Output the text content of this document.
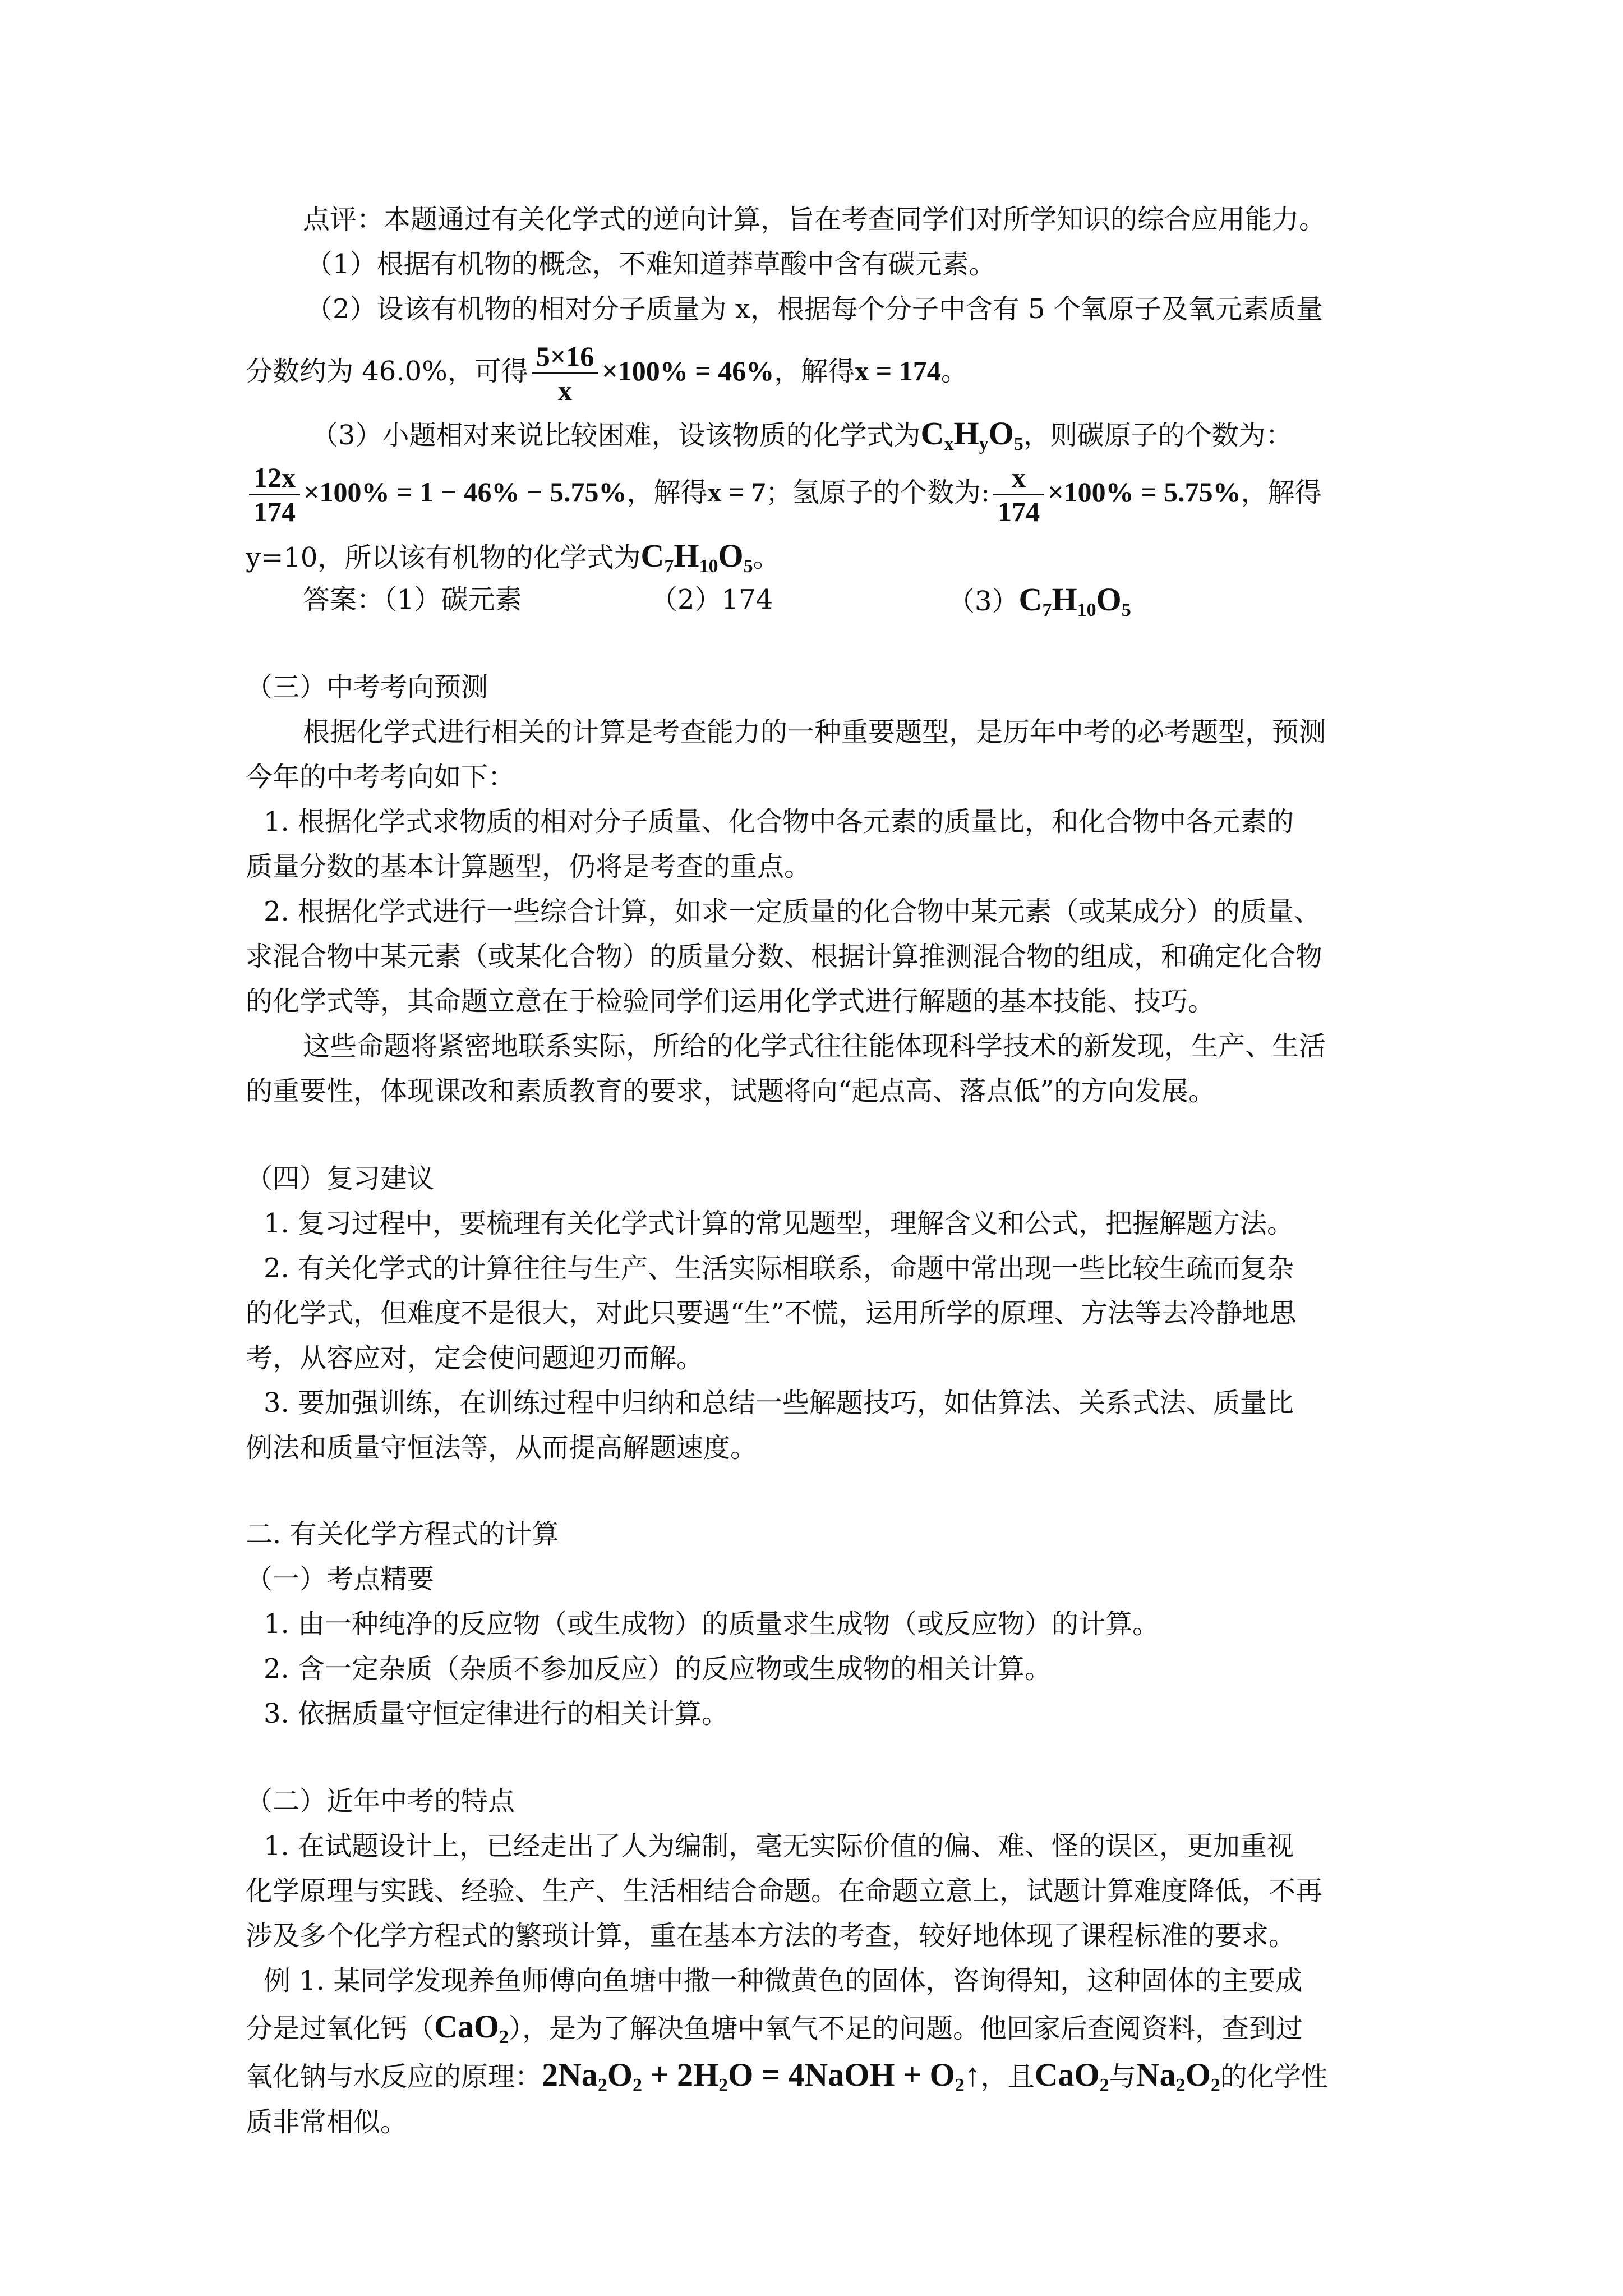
点评：本题通过有关化学式的逆向计算，旨在考查同学们对所学知识的综合应用能力。
（1）根据有机物的概念，不难知道莽草酸中含有碳元素。
（2）设该有机物的相对分子质量为 x，根据每个分子中含有 5 个氧原子及氧元素质量
分数约为 46.0%，可得 $\frac{5\times 16}{x} \times 100\% = 46\%$，解得x = 174。
（3）小题相对来说比较困难，设该物质的化学式为$C_xH_yO_5$，则碳原子的个数为：
$\frac{12x}{174} \times 100\% = 1 - 46\% - 5.75\%$，解得x = 7；氢原子的个数为: $\frac{x}{174} \times 100\% = 5.75\%$，解得
y=10，所以该有机物的化学式为$C_7H_{10}O_5$。
答案：（1）碳元素	（2）174	$(3)C_7H_{10}O_5$
（三）中考考向预测
根据化学式进行相关的计算是考查能力的一种重要题型，是历年中考的必考题型，预测
今年的中考考向如下：
1. 根据化学式求物质的相对分子质量、化合物中各元素的质量比，和化合物中各元素的
质量分数的基本计算题型，仍将是考查的重点。
2. 根据化学式进行一些综合计算，如求一定质量的化合物中某元素（或某成分）的质量、
求混合物中某元素（或某化合物）的质量分数、根据计算推测混合物的组成，和确定化合物
的化学式等，其命题立意在于检验同学们运用化学式进行解题的基本技能、技巧。
这些命题将紧密地联系实际，所给的化学式往往能体现科学技术的新发现，生产、生活
的重要性，体现课改和素质教育的要求，试题将向“起点高、落点低”的方向发展。
（四）复习建议
1. 复习过程中，要梳理有关化学式计算的常见题型，理解含义和公式，把握解题方法。
2. 有关化学式的计算往往与生产、生活实际相联系，命题中常出现一些比较生疏而复杂
的化学式，但难度不是很大，对此只要遇“生”不慌，运用所学的原理、方法等去冷静地思
考，从容应对，定会使问题迎刃而解。
3. 要加强训练，在训练过程中归纳和总结一些解题技巧，如估算法、关系式法、质量比
例法和质量守恒法等，从而提高解题速度。
二. 有关化学方程式的计算
（一）考点精要
1. 由一种纯净的反应物（或生成物）的质量求生成物（或反应物）的计算。
2. 含一定杂质（杂质不参加反应）的反应物或生成物的相关计算。
3. 依据质量守恒定律进行的相关计算。
（二）近年中考的特点
1. 在试题设计上，已经走出了人为编制，毫无实际价值的偏、难、怪的误区，更加重视
化学原理与实践、经验、生产、生活相结合命题。在命题立意上，试题计算难度降低，不再
涉及多个化学方程式的繁琐计算，重在基本方法的考查，较好地体现了课程标准的要求。
例 1. 某同学发现养鱼师傅向鱼塘中撒一种微黄色的固体，咨询得知，这种固体的主要成
分是过氧化钙（CaO$_2$），是为了解决鱼塘中氧气不足的问题。他回家后查阅资料，查到过
氧化钠与水反应的原理：$2Na_2O_2 + 2H_2O$ = 4NaOH + $O_2↑$，且CaO$_2$与$Na_2O_2$的化学性
质非常相似。
